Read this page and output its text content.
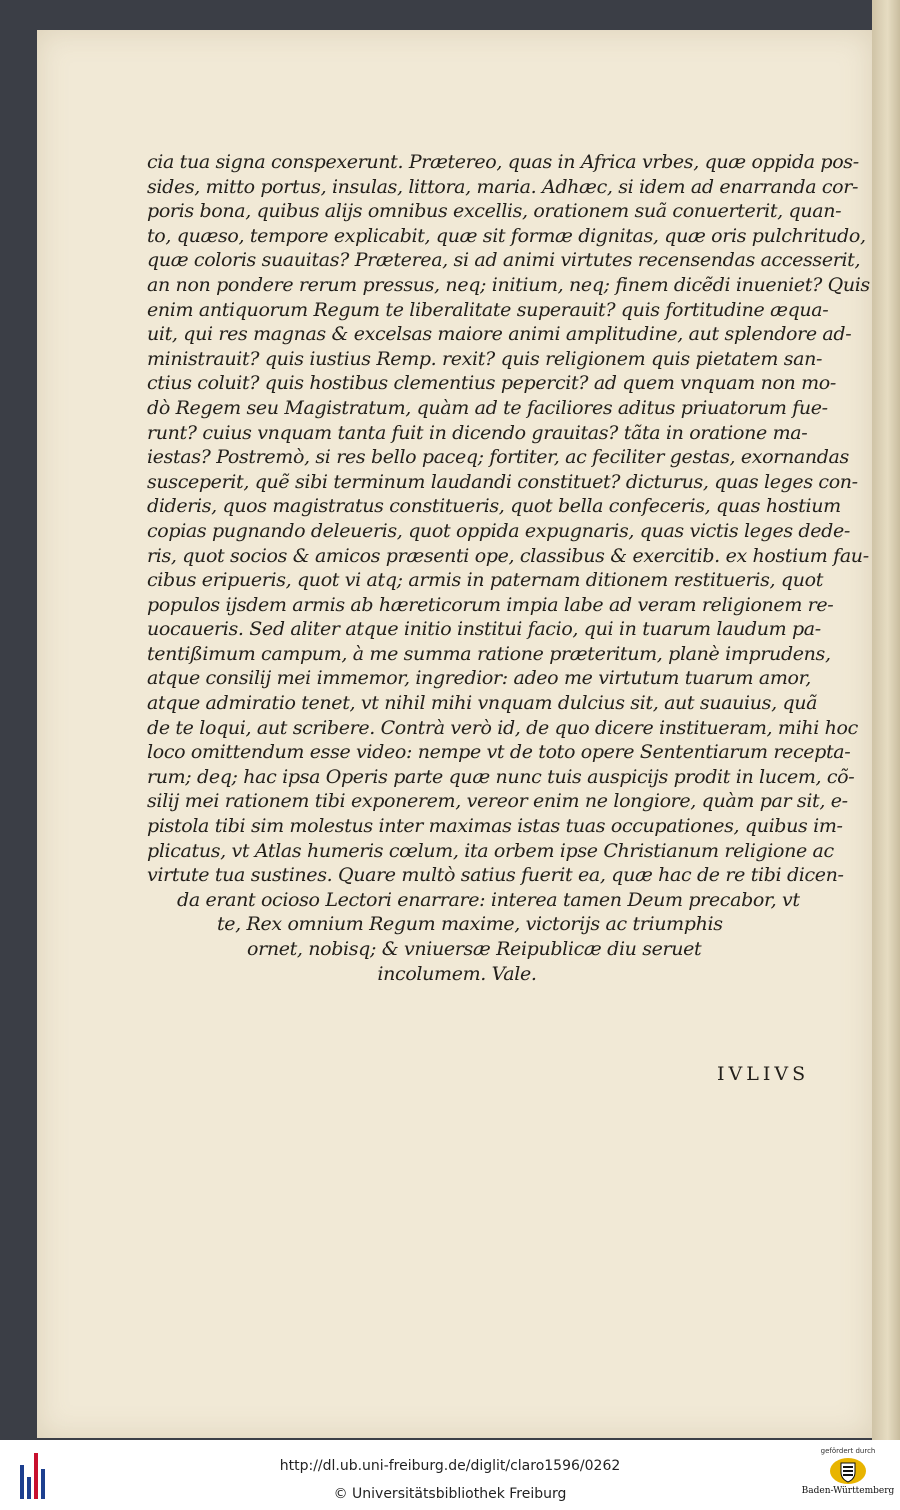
cia tua signa conspexerunt. Prætereo, quas in Africa vrbes, quæ oppida pos-
sides, mitto portus, insulas, littora, maria. Adhæc, si idem ad enarranda cor-
poris bona, quibus alijs omnibus excellis, orationem suã conuerterit, quan-
to, quæso, tempore explicabit, quæ sit formæ dignitas, quæ oris pulchritudo,
quæ coloris suauitas? Præterea, si ad animi virtutes recensendas accesserit,
an non pondere rerum pressus, neq; initium, neq; finem dicẽdi inueniet? Quis
enim antiquorum Regum te liberalitate superauit? quis fortitudine æqua-
uit, qui res magnas & excelsas maiore animi amplitudine, aut splendore ad-
ministrauit? quis iustius Remp. rexit? quis religionem quis pietatem san-
ctius coluit? quis hostibus clementius pepercit? ad quem vnquam non mo-
dò Regem seu Magistratum, quàm ad te faciliores aditus priuatorum fue-
runt? cuius vnquam tanta fuit in dicendo grauitas? tãta in oratione ma-
iestas? Postremò, si res bello paceq; fortiter, ac feciliter gestas, exornandas
susceperit, quẽ sibi terminum laudandi constituet? dicturus, quas leges con-
dideris, quos magistratus constitueris, quot bella confeceris, quas hostium
copias pugnando deleueris, quot oppida expugnaris, quas victis leges dede-
ris, quot socios & amicos præsenti ope, classibus & exercitib. ex hostium fau-
cibus eripueris, quot vi atq; armis in paternam ditionem restitueris, quot
populos ijsdem armis ab hæreticorum impia labe ad veram religionem re-
uocaueris. Sed aliter atque initio institui facio, qui in tuarum laudum pa-
tentißimum campum, à me summa ratione præteritum, planè imprudens,
atque consilij mei immemor, ingredior: adeo me virtutum tuarum amor,
atque admiratio tenet, vt nihil mihi vnquam dulcius sit, aut suauius, quã
de te loqui, aut scribere. Contrà verò id, de quo dicere institueram, mihi hoc
loco omittendum esse video: nempe vt de toto opere Sententiarum recepta-
rum; deq; hac ipsa Operis parte quæ nunc tuis auspicijs prodit in lucem, cõ-
silij mei rationem tibi exponerem, vereor enim ne longiore, quàm par sit, e-
pistola tibi sim molestus inter maximas istas tuas occupationes, quibus im-
plicatus, vt Atlas humeris cœlum, ita orbem ipse Christianum religione ac
virtute tua sustines. Quare multò satius fuerit ea, quæ hac de re tibi dicen-
da erant ocioso Lectori enarrare: interea tamen Deum precabor, vt
te, Rex omnium Regum maxime, victorijs ac triumphis
ornet, nobisq; & vniuersæ Reipublicæ diu seruet
incolumem. Vale.
IVLIVS
http://dl.ub.uni-freiburg.de/diglit/claro1596/0262
© Universitätsbibliothek Freiburg
gefördert durch
Baden-Württemberg
